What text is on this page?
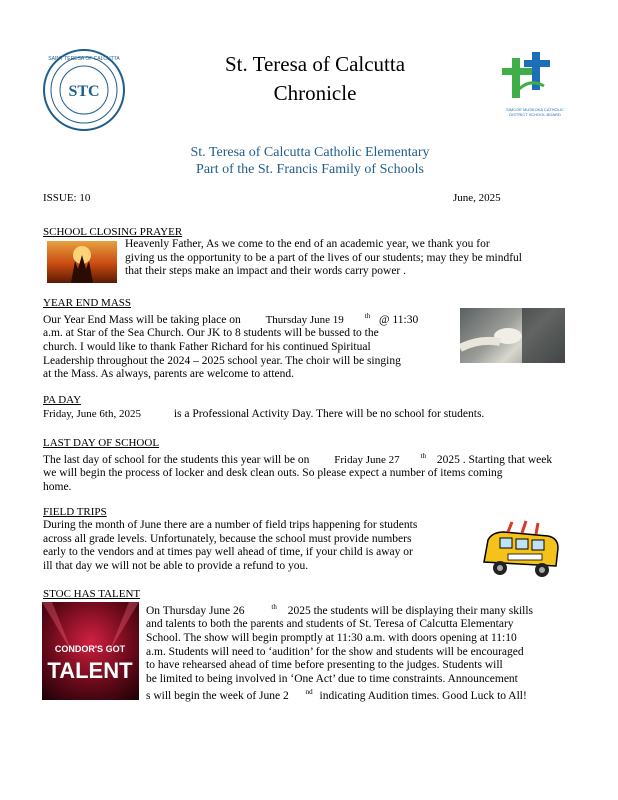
STC
SAINT TERESA OF CALCUTTA	St. Teresa of Calcutta
Chronicle
SIMCOE MUSKOKA CATHOLIC DISTRICT SCHOOL BOARD
St. Teresa of Calcutta Catholic Elementary
Part of the St. Francis Family of Schools
ISSUE: 10	June, 2025
SCHOOL CLOSING PRAYER
Heavenly Father, As we come to the end of an academic year, we thank you for
giving us the opportunity to be a part of the lives of our students; may they be mindful
that their steps make an impact and their words carry power .
YEAR END MASS
Our Year End Mass will be taking place on Thursday June 19	$^{th}$ @ 11:30
a.m. at Star of the Sea Church. Our JK to 8 students will be bussed to the
church. I would like to thank Father Richard for his continued Spiritual
Leadership throughout the 2024 – 2025 school year. The choir will be singing
at the Mass. As always, parents are welcome to attend.
PA DAY
Friday, June 6th, 2025	is a Professional Activity Day. There will be no school for students.
LAST DAY OF SCHOOL
The last day of school for the students this year will be on Friday June 27	$^{th}$ 2025 . Starting that week
we will begin the process of locker and desk clean outs. So please expect a number of items coming
home.
FIELD TRIPS
During the month of June there are a number of field trips happening for students
across all grade levels. Unfortunately, because the school must provide numbers
early to the vendors and at times pay well ahead of time, if your child is away or
ill that day we will not be able to provide a refund to you.
STOC HAS TALENT
CONDOR'S GOT
TALENT
On Thursday June 26	$^{th}$ 2025 the students will be displaying their many skills
and talents to both the parents and students of St. Teresa of Calcutta Elementary
School. The show will begin promptly at 11:30 a.m. with doors opening at 11:10
a.m. Students will need to ‘audition’ for the show and students will be encouraged
to have rehearsed ahead of time before presenting to the judges. Students will
be limited to being involved in ‘One Act’ due to time constraints. Announcement
s will begin the week of June 2 $^{nd}$ indicating Audition times. Good Luck to All!
